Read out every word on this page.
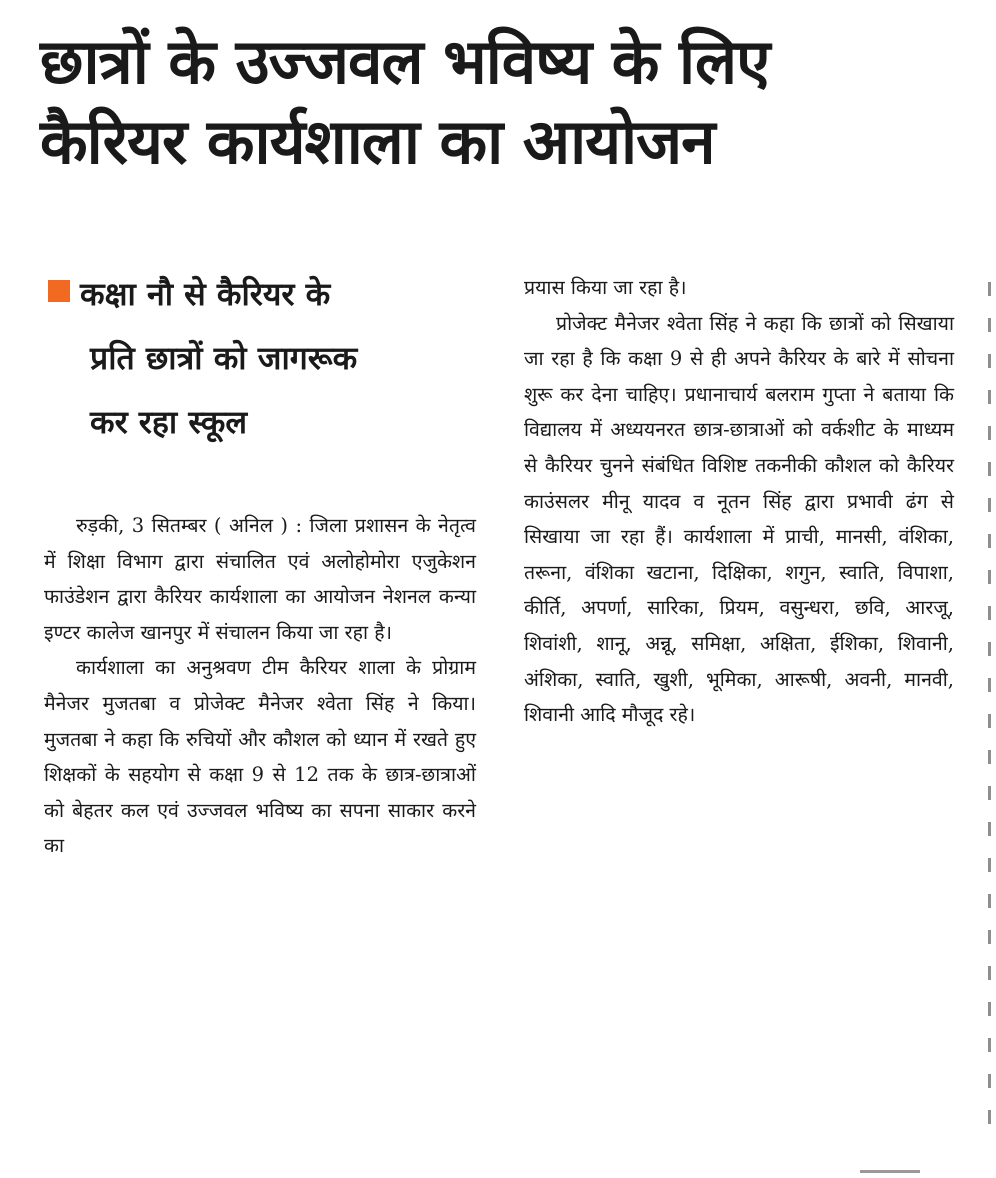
छात्रों के उज्जवल भविष्य के लिए
कैरियर कार्यशाला का आयोजन
कक्षा नौ से कैरियर के
प्रति छात्रों को जागरूक
कर रहा स्कूल

रुड़की, 3 सितम्बर ( अनिल ) : जिला प्रशासन के नेतृत्व में शिक्षा विभाग द्वारा संचालित एवं अलोहोमोरा एजुकेशन फाउंडेशन द्वारा कैरियर कार्यशाला का आयोजन नेशनल कन्या इण्टर कालेज खानपुर में संचालन किया जा रहा है।

कार्यशाला का अनुश्रवण टीम कैरियर शाला के प्रोग्राम मैनेजर मुजतबा व प्रोजेक्ट मैनेजर श्वेता सिंह ने किया। मुजतबा ने कहा कि रुचियों और कौशल को ध्यान में रखते हुए शिक्षकों के सहयोग से कक्षा 9 से 12 तक के छात्र-छात्राओं को बेहतर कल एवं उज्जवल भविष्य का सपना साकार करने का

प्रयास किया जा रहा है।

प्रोजेक्ट मैनेजर श्वेता सिंह ने कहा कि छात्रों को सिखाया जा रहा है कि कक्षा 9 से ही अपने कैरियर के बारे में सोचना शुरू कर देना चाहिए। प्रधानाचार्य बलराम गुप्ता ने बताया कि विद्यालय में अध्ययनरत छात्र-छात्राओं को वर्कशीट के माध्यम से कैरियर चुनने संबंधित विशिष्ट तकनीकी कौशल को कैरियर काउंसलर मीनू यादव व नूतन सिंह द्वारा प्रभावी ढंग से सिखाया जा रहा हैं। कार्यशाला में प्राची, मानसी, वंशिका, तरूना, वंशिका खटाना, दिक्षिका, शगुन, स्वाति, विपाशा, कीर्ति, अपर्णा, सारिका, प्रियम, वसुन्धरा, छवि, आरजू, शिवांशी, शानू, अन्नू, समिक्षा, अक्षिता, ईशिका, शिवानी, अंशिका, स्वाति, खुशी, भूमिका, आरूषी, अवनी, मानवी, शिवानी आदि मौजूद रहे।
